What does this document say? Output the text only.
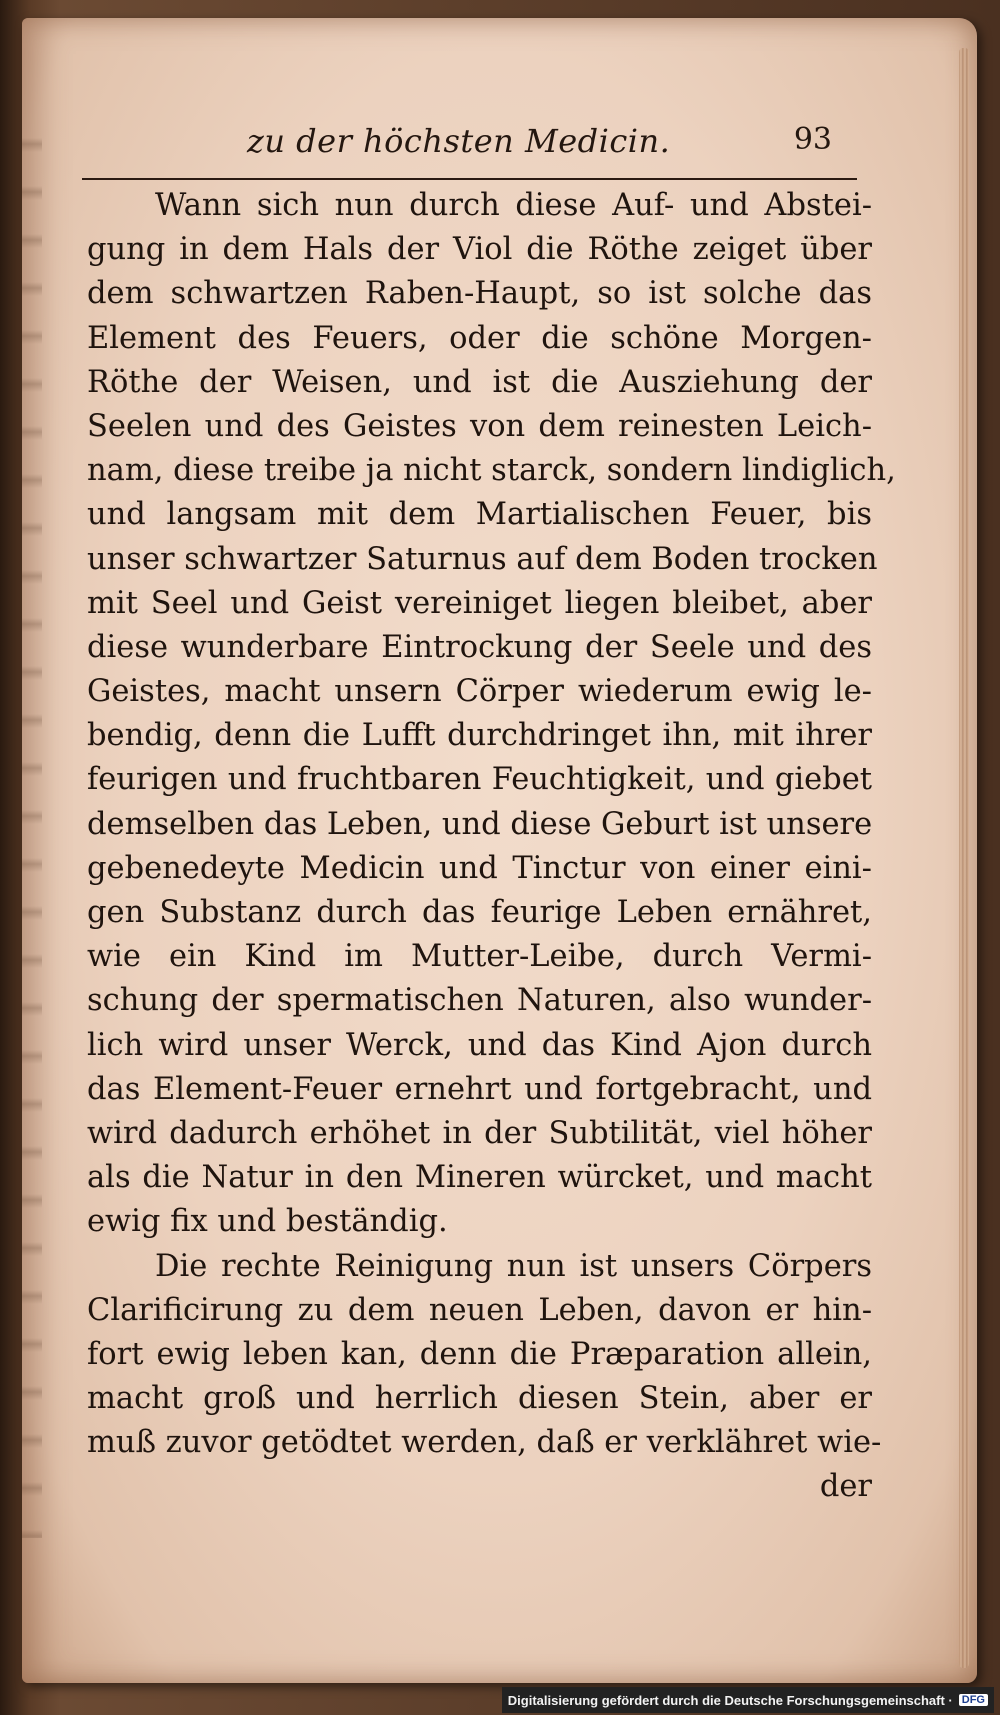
zu der höchsten Medicin.	93
Wann sich nun durch diese Auf- und Abstei-
gung in dem Hals der Viol die Röthe zeiget über
dem schwartzen Raben-Haupt, so ist solche das
Element des Feuers, oder die schöne Morgen-
Röthe der Weisen, und ist die Ausziehung der
Seelen und des Geistes von dem reinesten Leich-
nam, diese treibe ja nicht starck, sondern lindiglich,
und langsam mit dem Martialischen Feuer, bis
unser schwartzer Saturnus auf dem Boden trocken
mit Seel und Geist vereiniget liegen bleibet, aber
diese wunderbare Eintrockung der Seele und des
Geistes, macht unsern Cörper wiederum ewig le-
bendig, denn die Lufft durchdringet ihn, mit ihrer
feurigen und fruchtbaren Feuchtigkeit, und giebet
demselben das Leben, und diese Geburt ist unsere
gebenedeyte Medicin und Tinctur von einer eini-
gen Substanz durch das feurige Leben ernähret,
wie ein Kind im Mutter-Leibe, durch Vermi-
schung der spermatischen Naturen, also wunder-
lich wird unser Werck, und das Kind Ajon durch
das Element-Feuer ernehrt und fortgebracht, und
wird dadurch erhöhet in der Subtilität, viel höher
als die Natur in den Mineren würcket, und macht
ewig fix und beständig.
Die rechte Reinigung nun ist unsers Cörpers
Clarificirung zu dem neuen Leben, davon er hin-
fort ewig leben kan, denn die Præparation allein,
macht groß und herrlich diesen Stein, aber er
muß zuvor getödtet werden, daß er verklähret wie-
der
Digitalisierung gefördert durch die Deutsche Forschungsgemeinschaft · DFG
